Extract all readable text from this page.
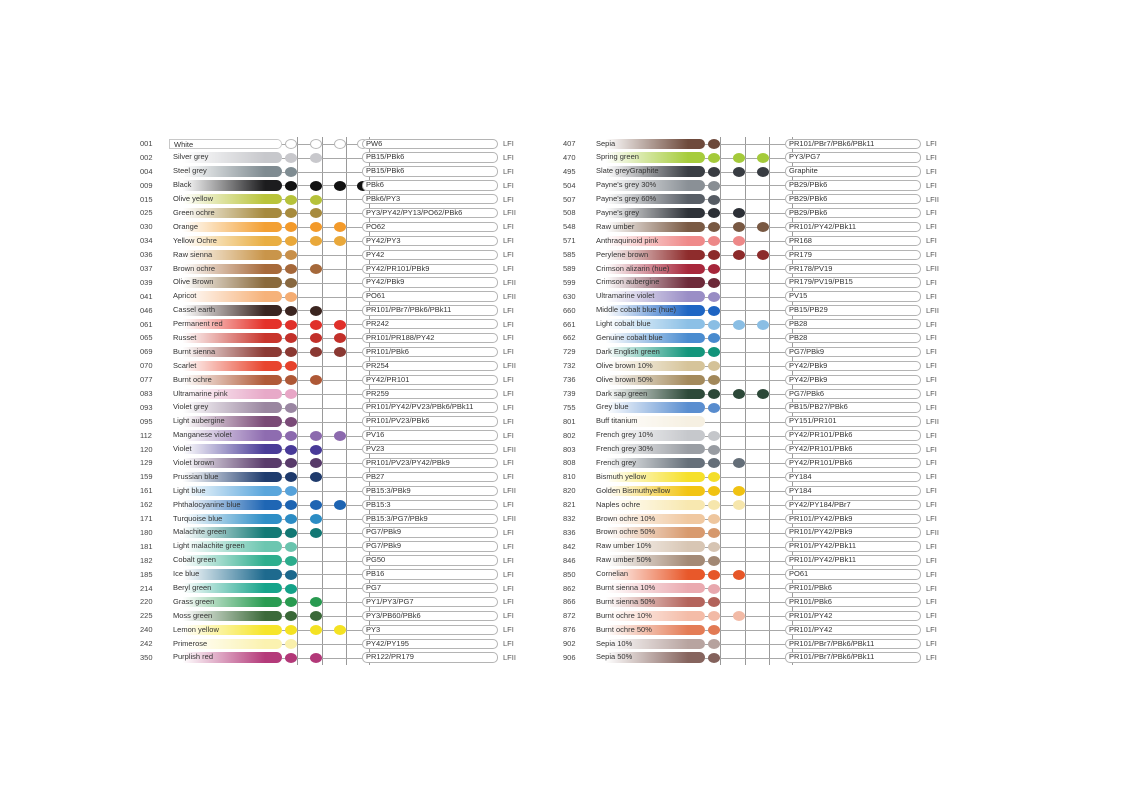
001	White	PW6	LFI
002	Silver grey	PB15/PBk6	LFI
004	Steel grey	PB15/PBk6	LFI
009	Black	PBk6	LFI
015	Olive yellow	PBk6/PY3	LFI
025	Green ochre	PY3/PY42/PY13/PO62/PBk6	LFII
030	Orange	PO62	LFI
034	Yellow Ochre	PY42/PY3	LFI
036	Raw sienna	PY42	LFI
037	Brown ochre	PY42/PR101/PBk9	LFI
039	Olive Brown	PY42/PBk9	LFII
041	Apricot	PO61	LFII
046	Cassel earth	PR101/PBr7/PBk6/PBk11	LFI
061	Permanent red	PR242	LFI
065	Russet	PR101/PR188/PY42	LFI
069	Burnt sienna	PR101/PBk6	LFI
070	Scarlet	PR254	LFII
077	Burnt ochre	PY42/PR101	LFI
083	Ultramarine pink	PR259	LFI
093	Violet grey	PR101/PY42/PV23/PBk6/PBk11	LFI
095	Light aubergine	PR101/PV23/PBk6	LFI
112	Manganese violet	PV16	LFI
120	Violet	PV23	LFII
129	Violet brown	PR101/PV23/PY42/PBk9	LFI
159	Prussian blue	PB27	LFI
161	Light blue	PB15:3/PBk9	LFII
162	Phthalocyanine blue	PB15:3	LFI
171	Turquoise blue	PB15:3/PG7/PBk9	LFII
180	Malachite green	PG7/PBk9	LFI
181	Light malachite green	PG7/PBk9	LFI
182	Cobalt green	PG50	LFI
185	Ice blue	PB16	LFI
214	Beryl green	PG7	LFI
220	Grass green	PY1/PY3/PG7	LFI
225	Moss green	PY3/PB60/PBk6	LFI
240	Lemon yellow	PY3	LFI
242	Primerose	PY42/PY195	LFI
350	Purplish red	PR122/PR179	LFII
407	Sepia	PR101/PBr7/PBk6/PBk11	LFI
470	Spring green	PY3/PG7	LFI
495	Slate greyGraphite	Graphite	LFI
504	Payne's grey 30%	PB29/PBk6	LFI
507	Payne's grey 60%	PB29/PBk6	LFII
508	Payne's grey	PB29/PBk6	LFI
548	Raw umber	PR101/PY42/PBk11	LFI
571	Anthraquinoid pink	PR168	LFI
585	Perylene brown	PR179	LFI
589	Crimson alizarin (hue)	PR178/PV19	LFII
599	Crimson aubergine	PR179/PV19/PB15	LFI
630	Ultramarine violet	PV15	LFI
660	Middle cobalt blue (hue)	PB15/PB29	LFII
661	Light cobalt blue	PB28	LFI
662	Genuine cobalt blue	PB28	LFI
729	Dark English green	PG7/PBk9	LFI
732	Olive brown 10%	PY42/PBk9	LFI
736	Olive brown 50%	PY42/PBk9	LFI
739	Dark sap green	PG7/PBk6	LFI
755	Grey blue	PB15/PB27/PBk6	LFI
801	Buff titanium	PY151/PR101	LFII
802	French grey 10%	PY42/PR101/PBk6	LFI
803	French grey 30%	PY42/PR101/PBk6	LFI
808	French grey	PY42/PR101/PBk6	LFI
810	Bismuth yellow	PY184	LFI
820	Golden Bismuthyellow	PY184	LFI
821	Naples ochre	PY42/PY184/PBr7	LFI
832	Brown ochre 10%	PR101/PY42/PBk9	LFI
836	Brown ochre 50%	PR101/PY42/PBk9	LFII
842	Raw umber 10%	PR101/PY42/PBk11	LFI
846	Raw umber 50%	PR101/PY42/PBk11	LFI
850	Cornelian	PO61	LFI
862	Burnt sienna 10%	PR101/PBk6	LFI
866	Burnt sienna 50%	PR101/PBk6	LFI
872	Burnt ochre 10%	PR101/PY42	LFI
876	Burnt ochre 50%	PR101/PY42	LFI
902	Sepia 10%	PR101/PBr7/PBk6/PBk11	LFI
906	Sepia 50%	PR101/PBr7/PBk6/PBk11	LFI
